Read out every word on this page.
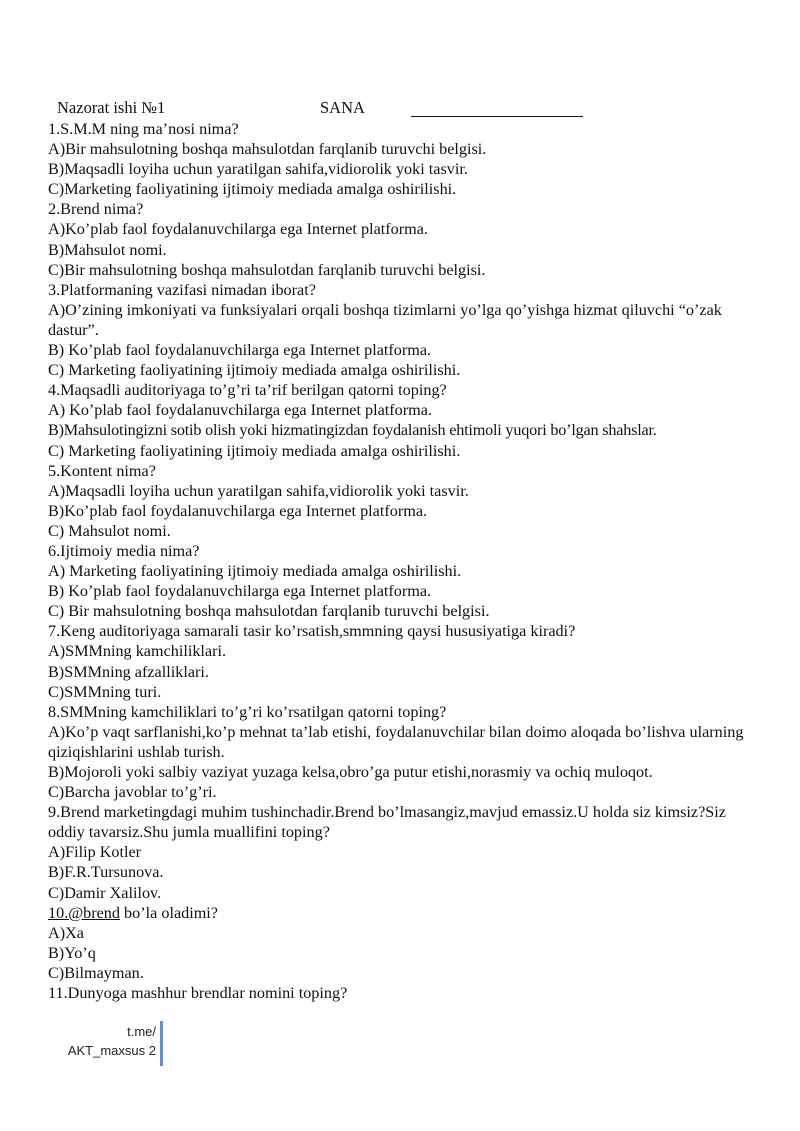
Nazorat ishi №1	SANA

1.S.M.M ning ma’nosi nima?

A)Bir mahsulotning boshqa mahsulotdan farqlanib turuvchi belgisi.

B)Maqsadli loyiha uchun yaratilgan sahifa,vidiorolik yoki tasvir.

C)Marketing faoliyatining ijtimoiy mediada amalga oshirilishi.

2.Brend nima?

A)Ko’plab faol foydalanuvchilarga ega Internet platforma.

B)Mahsulot nomi.

C)Bir mahsulotning boshqa mahsulotdan farqlanib turuvchi belgisi.

3.Platformaning vazifasi nimadan iborat?

A)O’zining imkoniyati va funksiyalari orqali boshqa tizimlarni yo’lga qo’yishga hizmat qiluvchi “o’zak dastur”.

B) Ko’plab faol foydalanuvchilarga ega Internet platforma.

C) Marketing faoliyatining ijtimoiy mediada amalga oshirilishi.

4.Maqsadli auditoriyaga to’g’ri ta’rif berilgan qatorni toping?

A) Ko’plab faol foydalanuvchilarga ega Internet platforma.

B)Mahsulotingizni sotib olish yoki hizmatingizdan foydalanish ehtimoli yuqori bo’lgan shahslar.

C) Marketing faoliyatining ijtimoiy mediada amalga oshirilishi.

5.Kontent nima?

A)Maqsadli loyiha uchun yaratilgan sahifa,vidiorolik yoki tasvir.

B)Ko’plab faol foydalanuvchilarga ega Internet platforma.

C) Mahsulot nomi.

6.Ijtimoiy media nima?

A) Marketing faoliyatining ijtimoiy mediada amalga oshirilishi.

B) Ko’plab faol foydalanuvchilarga ega Internet platforma.

C) Bir mahsulotning boshqa mahsulotdan farqlanib turuvchi belgisi.

7.Keng auditoriyaga samarali tasir ko’rsatish,smmning qaysi hususiyatiga kiradi?

A)SMMning kamchiliklari.

B)SMMning afzalliklari.

C)SMMning turi.

8.SMMning kamchiliklari to’g’ri ko’rsatilgan qatorni toping?

A)Ko’p vaqt sarflanishi,ko’p mehnat ta’lab etishi, foydalanuvchilar bilan doimo aloqada bo’lishva ularning qiziqishlarini ushlab turish.

B)Mojoroli yoki salbiy vaziyat yuzaga kelsa,obro’ga putur etishi,norasmiy va ochiq muloqot.

C)Barcha javoblar to’g’ri.

9.Brend marketingdagi muhim tushinchadir.Brend bo’lmasangiz,mavjud emassiz.U holda siz kimsiz?Siz oddiy tavarsiz.Shu jumla muallifini toping?

A)Filip Kotler

B)F.R.Tursunova.

C)Damir Xalilov.

10.@brend bo’la oladimi?

A)Xa

B)Yo’q

C)Bilmayman.

11.Dunyoga mashhur brendlar nomini toping?

t.me/
AKT_maxsus 2
